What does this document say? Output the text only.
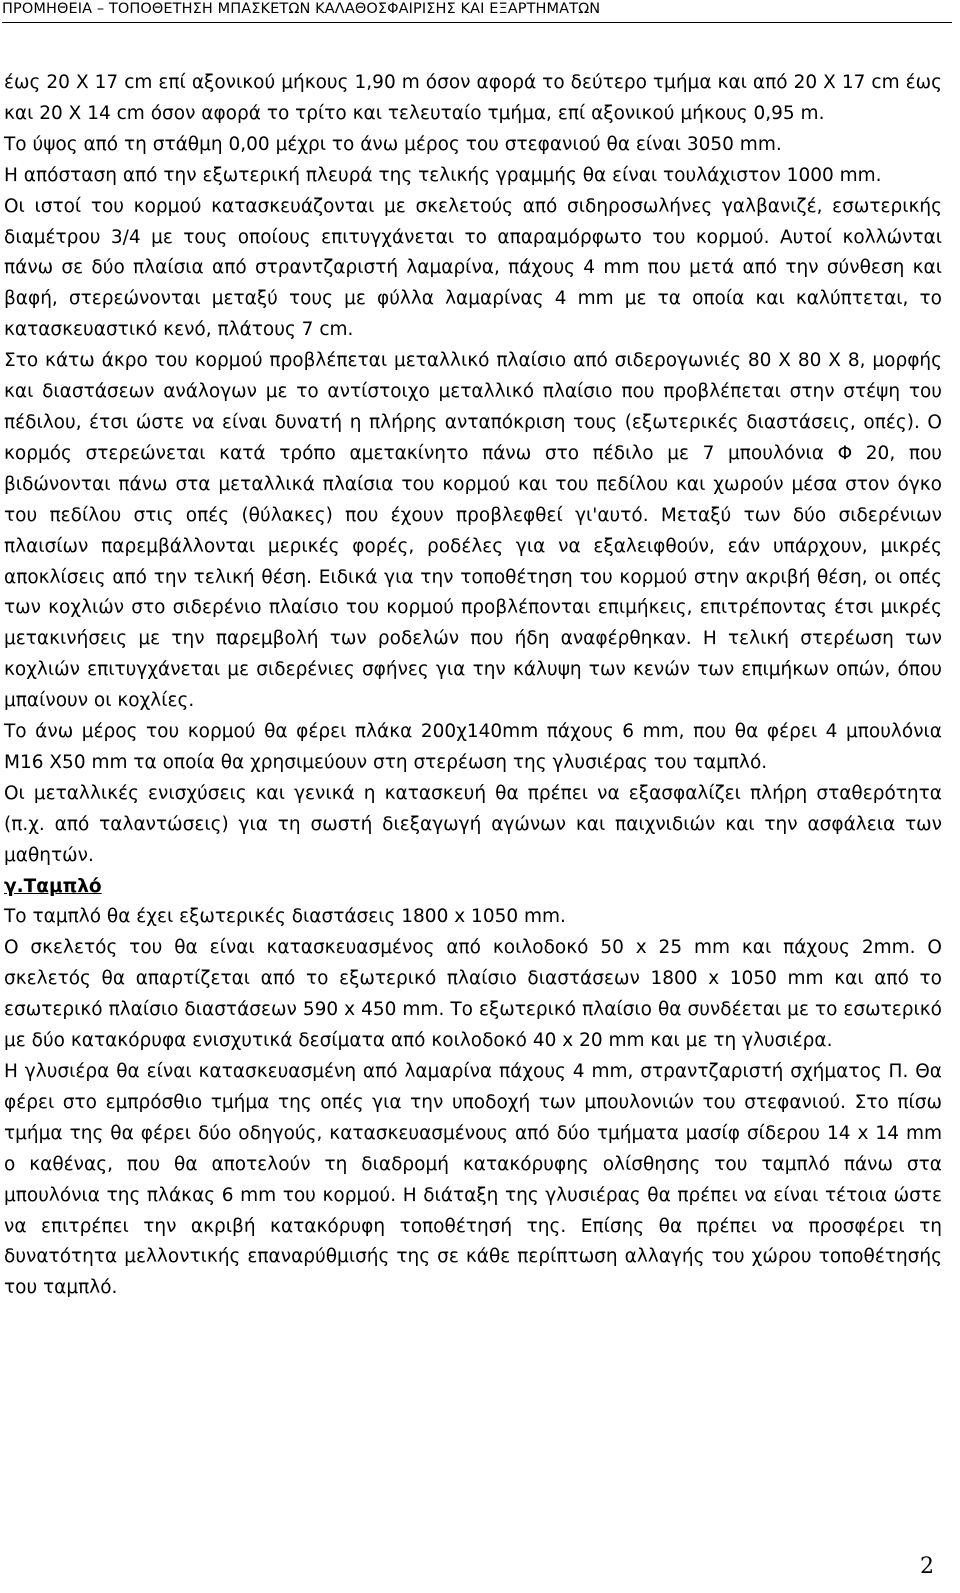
ΠΡΟΜΗΘΕΙΑ – ΤΟΠΟΘΕΤΗΣΗ ΜΠΑΣΚΕΤΩΝ ΚΑΛΑΘΟΣΦΑΙΡΙΣΗΣ ΚΑΙ ΕΞΑΡΤΗΜΑΤΩΝ

έως 20 Χ 17 cm επί αξονικού μήκους 1,90 m όσον αφορά το δεύτερο τμήμα και από 20 Χ 17 cm έως και 20 Χ 14 cm όσον αφορά το τρίτο και τελευταίο τμήμα, επί αξονικού μήκους 0,95 m.

Το ύψος από τη στάθμη 0,00 μέχρι το άνω μέρος του στεφανιού θα είναι 3050 mm.

Η απόσταση από την εξωτερική πλευρά της τελικής γραμμής θα είναι τουλάχιστον 1000 mm.

Οι ιστοί του κορμού κατασκευάζονται με σκελετούς από σιδηροσωλήνες γαλβανιζέ, εσωτερικής διαμέτρου 3/4 με τους οποίους επιτυγχάνεται το απαραμόρφωτο του κορμού. Αυτοί κολλώνται πάνω σε δύο πλαίσια από στραντζαριστή λαμαρίνα, πάχους 4 mm που μετά από την σύνθεση και βαφή, στερεώνονται μεταξύ τους με φύλλα λαμαρίνας 4 mm με τα οποία και καλύπτεται, το κατασκευαστικό κενό, πλάτους 7 cm.

Στο κάτω άκρο του κορμού προβλέπεται μεταλλικό πλαίσιο από σιδερογωνιές 80 Χ 80 Χ 8, μορφής και διαστάσεων ανάλογων με το αντίστοιχο μεταλλικό πλαίσιο που προβλέπεται στην στέψη του πέδιλου, έτσι ώστε να είναι δυνατή η πλήρης ανταπόκριση τους (εξωτερικές διαστάσεις, οπές). Ο κορμός στερεώνεται κατά τρόπο αμετακίνητο πάνω στο πέδιλο με 7 μπουλόνια Φ 20, που βιδώνονται πάνω στα μεταλλικά πλαίσια του κορμού και του πεδίλου και χωρούν μέσα στον όγκο του πεδίλου στις οπές (θύλακες) που έχουν προβλεφθεί γι'αυτό. Μεταξύ των δύο σιδερένιων πλαισίων παρεμβάλλονται μερικές φορές, ροδέλες για να εξαλειφθούν, εάν υπάρχουν, μικρές αποκλίσεις από την τελική θέση. Ειδικά για την τοποθέτηση του κορμού στην ακριβή θέση, οι οπές των κοχλιών στο σιδερένιο πλαίσιο του κορμού προβλέπονται επιμήκεις, επιτρέποντας έτσι μικρές μετακινήσεις με την παρεμβολή των ροδελών που ήδη αναφέρθηκαν. Η τελική στερέωση των κοχλιών επιτυγχάνεται με σιδερένιες σφήνες για την κάλυψη των κενών των επιμήκων οπών, όπου μπαίνουν οι κοχλίες.

Το άνω μέρος του κορμού θα φέρει πλάκα 200χ140mm πάχους 6 mm, που θα φέρει 4 μπουλόνια Μ16 Χ50 mm τα οποία θα χρησιμεύουν στη στερέωση της γλυσιέρας του ταμπλό.

Οι μεταλλικές ενισχύσεις και γενικά η κατασκευή θα πρέπει να εξασφαλίζει πλήρη σταθερότητα (π.χ. από ταλαντώσεις) για τη σωστή διεξαγωγή αγώνων και παιχνιδιών και την ασφάλεια των μαθητών.

γ.Ταμπλό

Το ταμπλό θα έχει εξωτερικές διαστάσεις 1800 x 1050 mm.

Ο σκελετός του θα είναι κατασκευασμένος από κοιλοδοκό 50 x 25 mm και πάχους 2mm. Ο σκελετός θα απαρτίζεται από το εξωτερικό πλαίσιο διαστάσεων 1800 x 1050 mm και από το εσωτερικό πλαίσιο διαστάσεων 590 x 450 mm. Το εξωτερικό πλαίσιο θα συνδέεται με το εσωτερικό με δύο κατακόρυφα ενισχυτικά δεσίματα από κοιλοδοκό 40 x 20 mm και με τη γλυσιέρα.

Η γλυσιέρα θα είναι κατασκευασμένη από λαμαρίνα πάχους 4 mm, στραντζαριστή σχήματος Π. Θα φέρει στο εμπρόσθιο τμήμα της οπές για την υποδοχή των μπουλονιών του στεφανιού. Στο πίσω τμήμα της θα φέρει δύο οδηγούς, κατασκευασμένους από δύο τμήματα μασίφ σίδερου 14 x 14 mm ο καθένας, που θα αποτελούν τη διαδρομή κατακόρυφης ολίσθησης του ταμπλό πάνω στα μπουλόνια της πλάκας 6 mm του κορμού. Η διάταξη της γλυσιέρας θα πρέπει να είναι τέτοια ώστε να επιτρέπει την ακριβή κατακόρυφη τοποθέτησή της. Επίσης θα πρέπει να προσφέρει τη δυνατότητα μελλοντικής επαναρύθμισής της σε κάθε περίπτωση αλλαγής του χώρου τοποθέτησής του ταμπλό.

2
